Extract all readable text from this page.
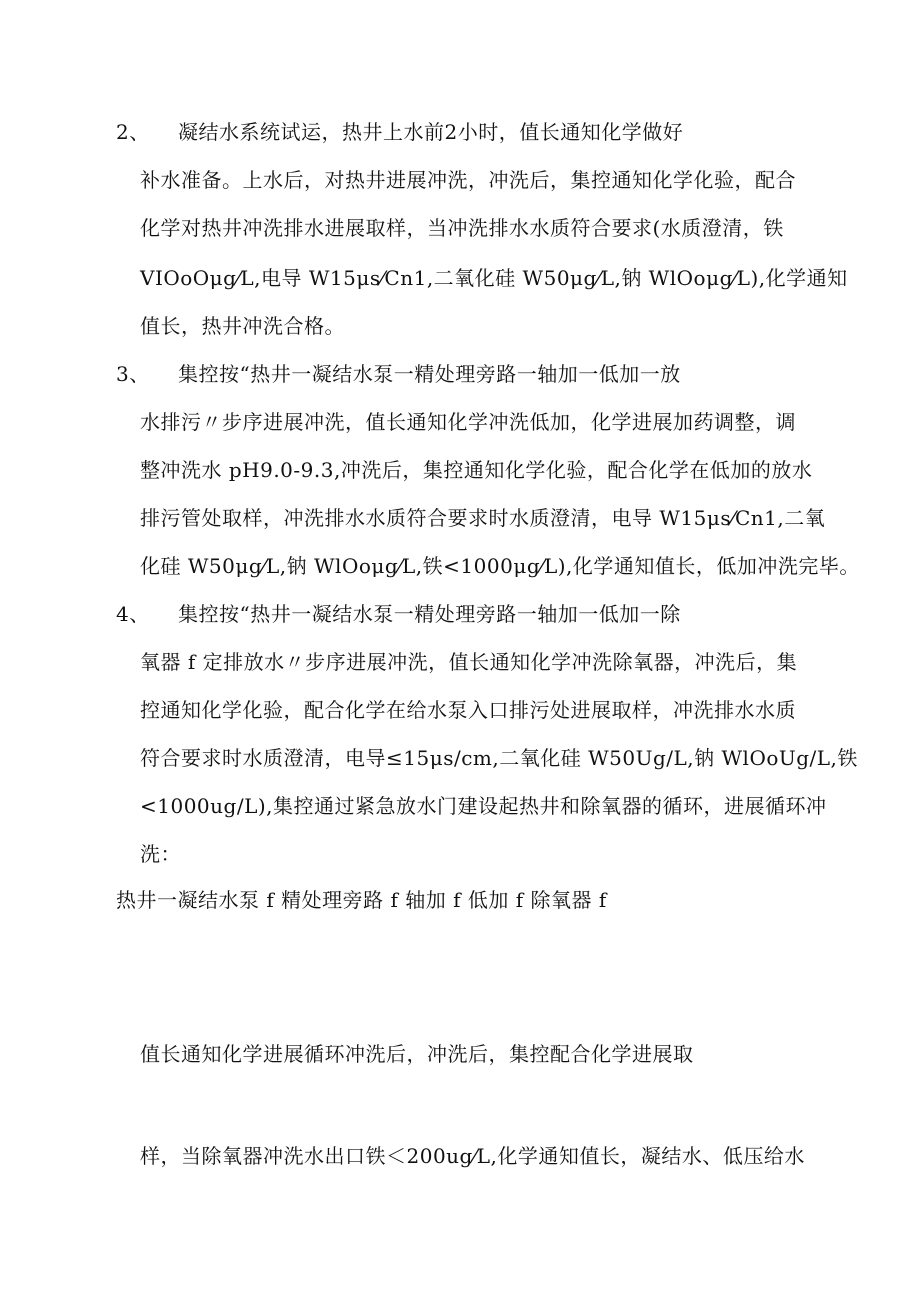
2、 凝结水系统试运，热井上水前2小时，值长通知化学做好
补水准备。上水后，对热井进展冲洗，冲洗后，集控通知化学化验，配合
化学对热井冲洗排水进展取样，当冲洗排水水质符合要求(水质澄清，铁
VIOoOμg⁄L,电导 W15μs⁄Cn1,二氧化硅 W50μg⁄L,钠 WlOoμg⁄L),化学通知
值长，热井冲洗合格。
3、 集控按“热井一凝结水泵一精处理旁路一轴加一低加一放
水排污〃步序进展冲洗，值长通知化学冲洗低加，化学进展加药调整，调
整冲洗水 pH9.0-9.3,冲洗后，集控通知化学化验，配合化学在低加的放水
排污管处取样，冲洗排水水质符合要求时水质澄清，电导 W15μs⁄Cn1,二氧
化硅 W50μg⁄L,钠 WlOoμg⁄L,铁<1000μg⁄L),化学通知值长，低加冲洗完毕。
4、 集控按“热井一凝结水泵一精处理旁路一轴加一低加一除
氧器 f 定排放水〃步序进展冲洗，值长通知化学冲洗除氧器，冲洗后，集
控通知化学化验，配合化学在给水泵入口排污处进展取样，冲洗排水水质
符合要求时水质澄清，电导≤15μs/cm,二氧化硅 W50Ug/L,钠 WlOoUg/L,铁
<1000ug/L),集控通过紧急放水门建设起热井和除氧器的循环，进展循环冲
洗：
热井一凝结水泵 f 精处理旁路 f 轴加 f 低加 f 除氧器 f
值长通知化学进展循环冲洗后，冲洗后，集控配合化学进展取
样，当除氧器冲洗水出口铁＜200ug⁄L,化学通知值长，凝结水、低压给水
